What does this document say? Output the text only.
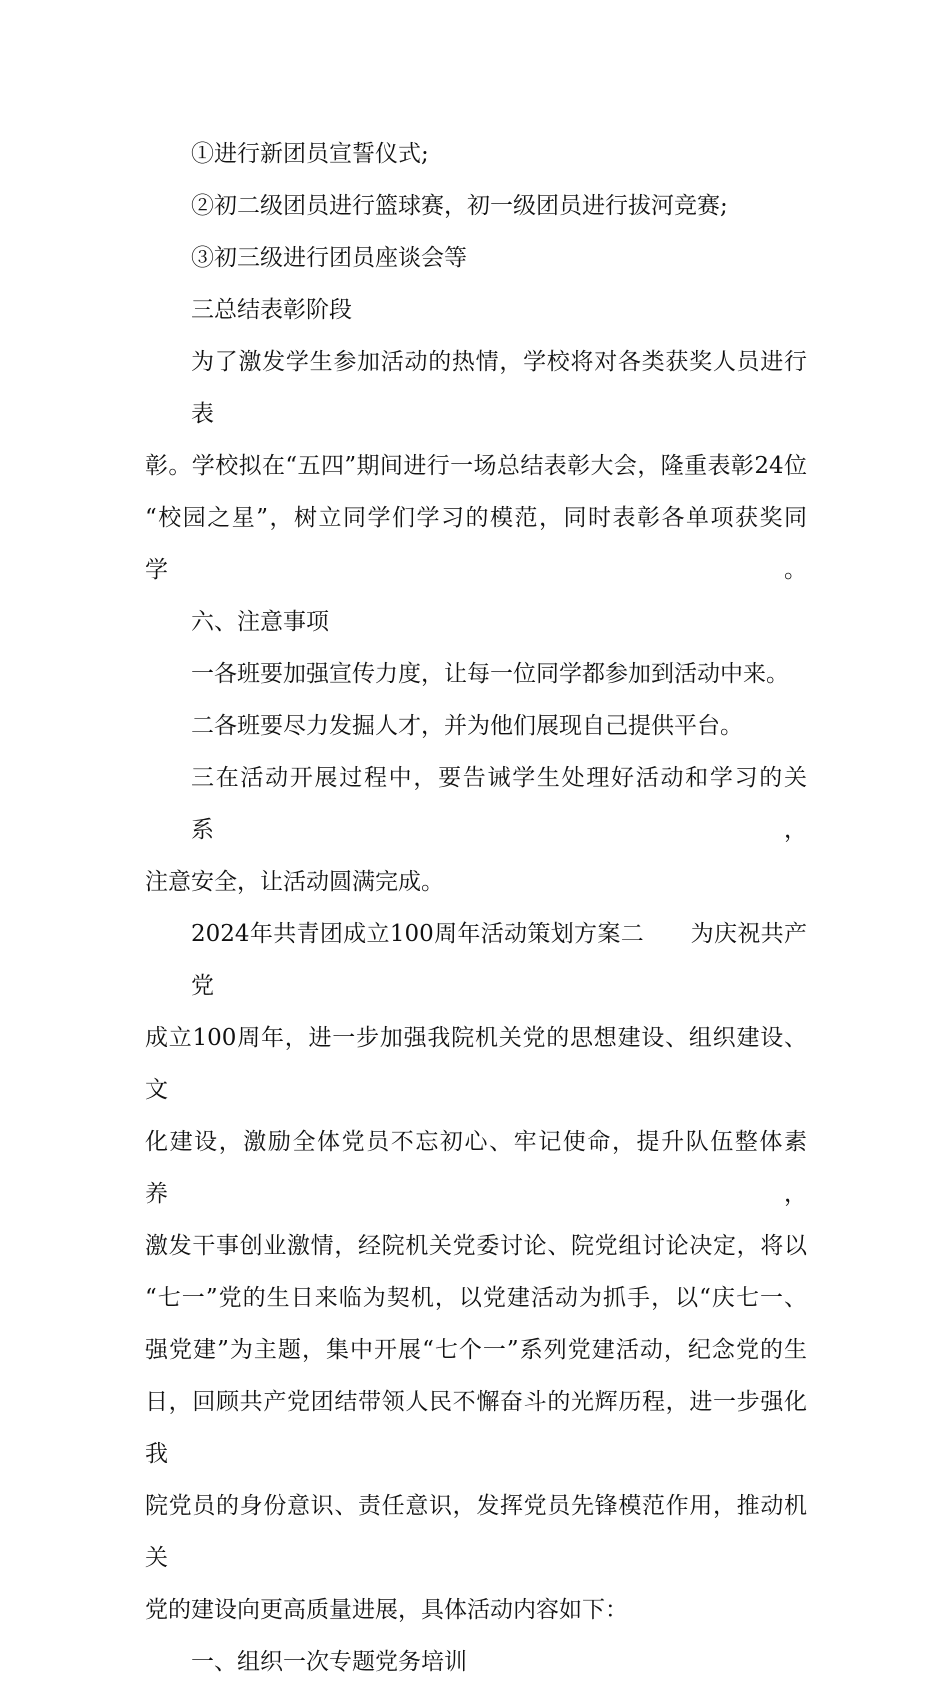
①进行新团员宣誓仪式;
②初二级团员进行篮球赛，初一级团员进行拔河竞赛;
③初三级进行团员座谈会等
三总结表彰阶段
为了激发学生参加活动的热情，学校将对各类获奖人员进行表
彰。学校拟在“五四”期间进行一场总结表彰大会，隆重表彰24位
“校园之星”，树立同学们学习的模范，同时表彰各单项获奖同学。
六、注意事项
一各班要加强宣传力度，让每一位同学都参加到活动中来。
二各班要尽力发掘人才，并为他们展现自己提供平台。
三在活动开展过程中，要告诫学生处理好活动和学习的关系，
注意安全，让活动圆满完成。
2024年共青团成立100周年活动策划方案二　　为庆祝共产党
成立100周年，进一步加强我院机关党的思想建设、组织建设、文
化建设，激励全体党员不忘初心、牢记使命，提升队伍整体素养，
激发干事创业激情，经院机关党委讨论、院党组讨论决定，将以
“七一”党的生日来临为契机，以党建活动为抓手，以“庆七一、
强党建”为主题，集中开展“七个一”系列党建活动，纪念党的生
日，回顾共产党团结带领人民不懈奋斗的光辉历程，进一步强化我
院党员的身份意识、责任意识，发挥党员先锋模范作用，推动机关
党的建设向更高质量进展，具体活动内容如下：
一、组织一次专题党务培训
